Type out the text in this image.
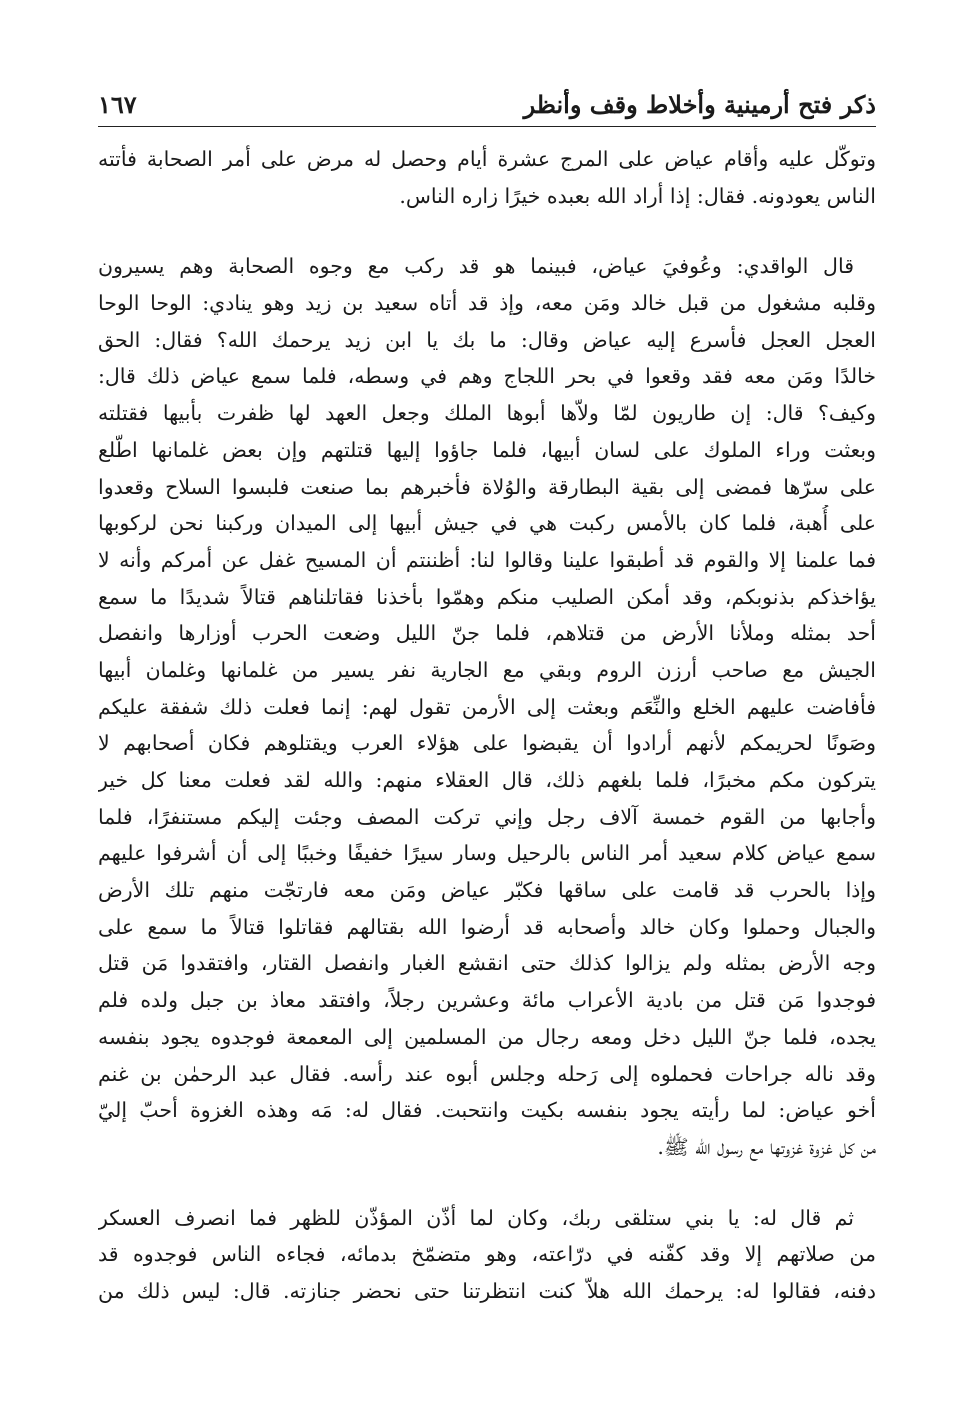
ذكر فتح أرمينية وأخلاط وقف وأنظر
١٦٧
وتوكّل عليه وأقام عياض على المرج عشرة أيام وحصل له مرض على أمر الصحابة فأتته
الناس يعودونه. فقال: إذا أراد الله بعبده خيرًا زاره الناس.
قال الواقدي: وعُوفيَ عياض، فبينما هو قد ركب مع وجوه الصحابة وهم يسيرون
وقلبه مشغول من قبل خالد ومَن معه، وإذ قد أتاه سعيد بن زيد وهو ينادي: الوحا الوحا
العجل العجل فأسرع إليه عياض وقال: ما بك يا ابن زيد يرحمك الله؟ فقال: الحق
خالدًا ومَن معه فقد وقعوا في بحر اللجاج وهم في وسطه، فلما سمع عياض ذلك قال:
وكيف؟ قال: إن طاريون لمّا ولاّها أبوها الملك وجعل العهد لها ظفرت بأبيها فقتلته
وبعثت وراء الملوك على لسان أبيها، فلما جاؤوا إليها قتلتهم وإن بعض غلمانها اطّلع
على سرّها فمضى إلى بقية البطارقة والوُلاة فأخبرهم بما صنعت فلبسوا السلاح وقعدوا
على أُهبة، فلما كان بالأمس ركبت هي في جيش أبيها إلى الميدان وركبنا نحن لركوبها
فما علمنا إلا والقوم قد أطبقوا علينا وقالوا لنا: أظننتم أن المسيح غفل عن أمركم وأنه لا
يؤاخذكم بذنوبكم، وقد أمكن الصليب منكم وهمّوا بأخذنا فقاتلناهم قتالاً شديدًا ما سمع
أحد بمثله وملأنا الأرض من قتلاهم، فلما جنّ الليل وضعت الحرب أوزارها وانفصل
الجيش مع صاحب أرزن الروم وبقي مع الجارية نفر يسير من غلمانها وغلمان أبيها
فأفاضت عليهم الخلع والنِّعَم وبعثت إلى الأرمن تقول لهم: إنما فعلت ذلك شفقة عليكم
وصَونًا لحريمكم لأنهم أرادوا أن يقبضوا على هؤلاء العرب ويقتلوهم فكان أصحابهم لا
يتركون مكم مخبرًا، فلما بلغهم ذلك، قال العقلاء منهم: والله لقد فعلت معنا كل خير
وأجابها من القوم خمسة آلاف رجل وإني تركت المصف وجئت إليكم مستنفرًا، فلما
سمع عياض كلام سعيد أمر الناس بالرحيل وسار سيرًا خفيفًا وخببًا إلى أن أشرفوا عليهم
وإذا بالحرب قد قامت على ساقها فكبّر عياض ومَن معه فارتجّت منهم تلك الأرض
والجبال وحملوا وكان خالد وأصحابه قد أرضوا الله بقتالهم فقاتلوا قتالاً ما سمع على
وجه الأرض بمثله ولم يزالوا كذلك حتى انقشع الغبار وانفصل القتار، وافتقدوا مَن قتل
فوجدوا مَن قتل من بادية الأعراب مائة وعشرين رجلاً، وافتقد معاذ بن جبل ولده فلم
يجده، فلما جنّ الليل دخل ومعه رجال من المسلمين إلى المعمعة فوجدوه يجود بنفسه
وقد ناله جراحات فحملوه إلى رَحله وجلس أبوه عند رأسه. فقال عبد الرحمٰن بن غنم
أخو عياض: لما رأيته يجود بنفسه بكيت وانتحبت. فقال له: مَه وهذه الغزوة أحبّ إليّ
من كل غزوة غزوتها مع رسول الله ﷺ.
ثم قال له: يا بني ستلقى ربك، وكان لما أذّن المؤذّن للظهر فما انصرف العسكر
من صلاتهم إلا وقد كفّنه في درّاعته، وهو متضمّخ بدمائه، فجاءه الناس فوجدوه قد
دفنه، فقالوا له: يرحمك الله هلاّ كنت انتظرتنا حتى نحضر جنازته. قال: ليس ذلك من
